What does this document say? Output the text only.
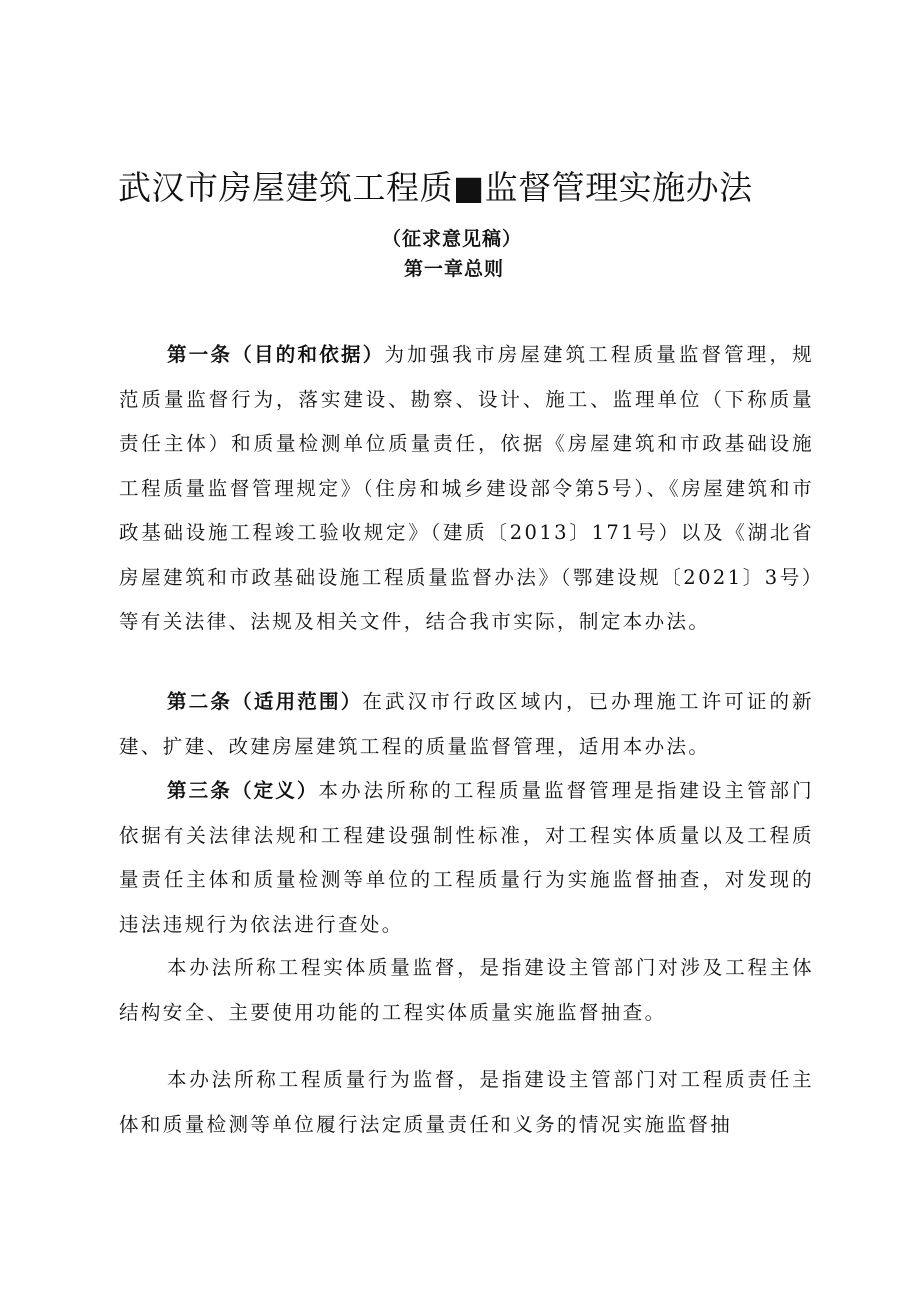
武汉市房屋建筑工程质■监督管理实施办法
（征求意见稿）
第一章总则

第一条（目的和依据）为加强我市房屋建筑工程质量监督管理，规范质量监督行为，落实建设、勘察、设计、施工、监理单位（下称质量责任主体）和质量检测单位质量责任，依据《房屋建筑和市政基础设施工程质量监督管理规定》（住房和城乡建设部令第5号）、《房屋建筑和市政基础设施工程竣工验收规定》（建质〔2013〕171号）以及《湖北省房屋建筑和市政基础设施工程质量监督办法》（鄂建设规〔2021〕3号）等有关法律、法规及相关文件，结合我市实际，制定本办法。

第二条（适用范围）在武汉市行政区域内，已办理施工许可证的新建、扩建、改建房屋建筑工程的质量监督管理，适用本办法。

第三条（定义）本办法所称的工程质量监督管理是指建设主管部门依据有关法律法规和工程建设强制性标准，对工程实体质量以及工程质量责任主体和质量检测等单位的工程质量行为实施监督抽查，对发现的违法违规行为依法进行查处。

本办法所称工程实体质量监督，是指建设主管部门对涉及工程主体结构安全、主要使用功能的工程实体质量实施监督抽查。

本办法所称工程质量行为监督，是指建设主管部门对工程质责任主体和质量检测等单位履行法定质量责任和义务的情况实施监督抽
